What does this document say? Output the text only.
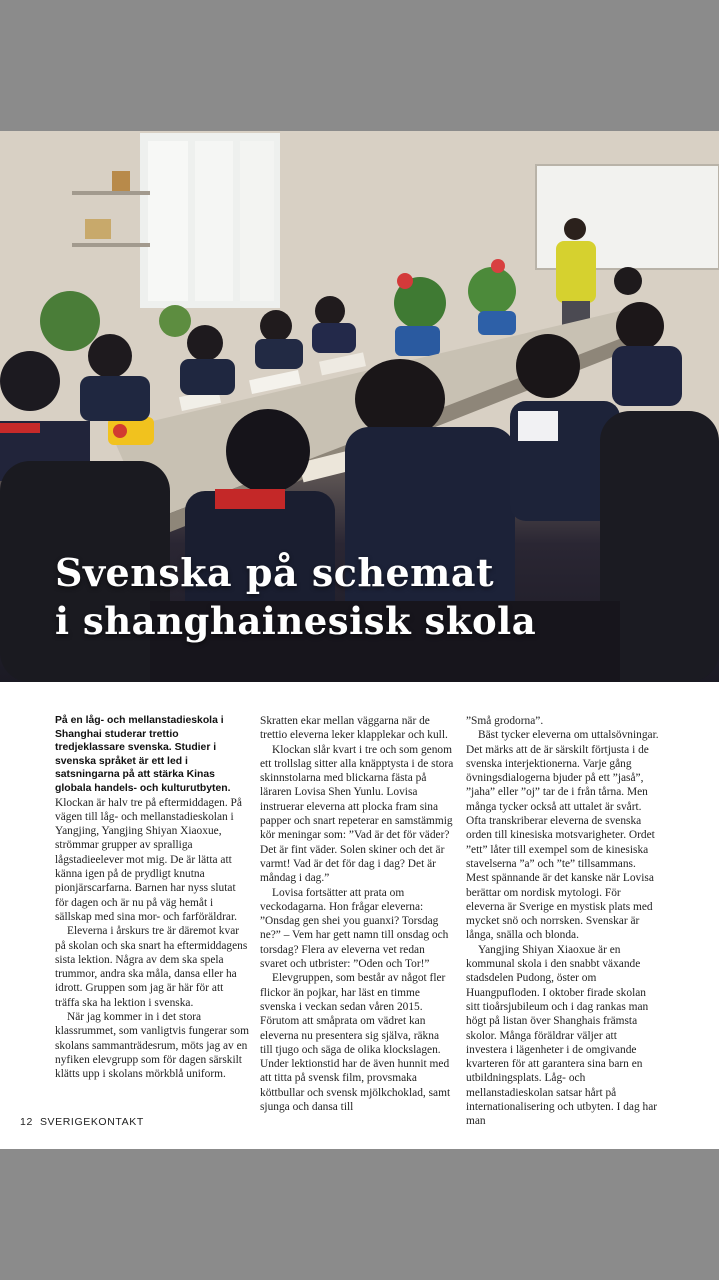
Svenska på schemat
i shanghainesisk skola

På en låg- och mellanstadieskola i Shanghai studerar trettio tredjeklassare svenska. Studier i svenska språket är ett led i satsningarna på att stärka Kinas globala handels- och kulturutbyten.

Klockan är halv tre på eftermiddagen. På vägen till låg- och mellanstadieskolan i Yangjing, Yangjing Shiyan Xiaoxue, strömmar grupper av spralliga lågstadieelever mot mig. De är lätta att känna igen på de prydligt knutna pionjärscarfarna. Barnen har nyss slutat för dagen och är nu på väg hemåt i sällskap med sina mor- och farföräldrar.

Eleverna i årskurs tre är däremot kvar på skolan och ska snart ha eftermiddagens sista lektion. Några av dem ska spela trummor, andra ska måla, dansa eller ha idrott. Gruppen som jag är här för att träffa ska ha lektion i svenska.

När jag kommer in i det stora klassrummet, som vanligtvis fungerar som skolans sammanträdesrum, möts jag av en nyfiken elevgrupp som för dagen särskilt klätts upp i skolans mörkblå uniform.

Skratten ekar mellan väggarna när de trettio eleverna leker klapplekar och kull.

Klockan slår kvart i tre och som genom ett trollslag sitter alla knäpptysta i de stora skinnstolarna med blickarna fästa på läraren Lovisa Shen Yunlu. Lovisa instruerar eleverna att plocka fram sina papper och snart repeterar en samstämmig kör meningar som: ”Vad är det för väder? Det är fint väder. Solen skiner och det är varmt! Vad är det för dag i dag? Det är måndag i dag.”

Lovisa fortsätter att prata om veckodagarna. Hon frågar eleverna: ”Onsdag gen shei you guanxi? Torsdag ne?” – Vem har gett namn till onsdag och torsdag? Flera av eleverna vet redan svaret och utbrister: ”Oden och Tor!”

Elevgruppen, som består av något fler flickor än pojkar, har läst en timme svenska i veckan sedan våren 2015. Förutom att småprata om vädret kan eleverna nu presentera sig själva, räkna till tjugo och säga de olika klockslagen. Under lektionstid har de även hunnit med att titta på svensk film, provsmaka köttbullar och svensk mjölkchoklad, samt sjunga och dansa till

”Små grodorna”.

Bäst tycker eleverna om uttalsövningar. Det märks att de är särskilt förtjusta i de svenska interjektionerna. Varje gång övningsdialogerna bjuder på ett ”jaså”, ”jaha” eller ”oj” tar de i från tårna. Men många tycker också att uttalet är svårt. Ofta transkriberar eleverna de svenska orden till kinesiska motsvarigheter. Ordet ”ett” låter till exempel som de kinesiska stavelserna ”a” och ”te” tillsammans. Mest spännande är det kanske när Lovisa berättar om nordisk mytologi. För eleverna är Sverige en mystisk plats med mycket snö och norrsken. Svenskar är långa, snälla och blonda.

Yangjing Shiyan Xiaoxue är en kommunal skola i den snabbt växande stadsdelen Pudong, öster om Huangpufloden. I oktober firade skolan sitt tioårsjubileum och i dag rankas man högt på listan över Shanghais främsta skolor. Många föräldrar väljer att investera i lägenheter i de omgivande kvarteren för att garantera sina barn en utbildningsplats. Låg- och mellanstadieskolan satsar hårt på internationalisering och utbyten. I dag har man

12 SVERIGEKONTAKT
